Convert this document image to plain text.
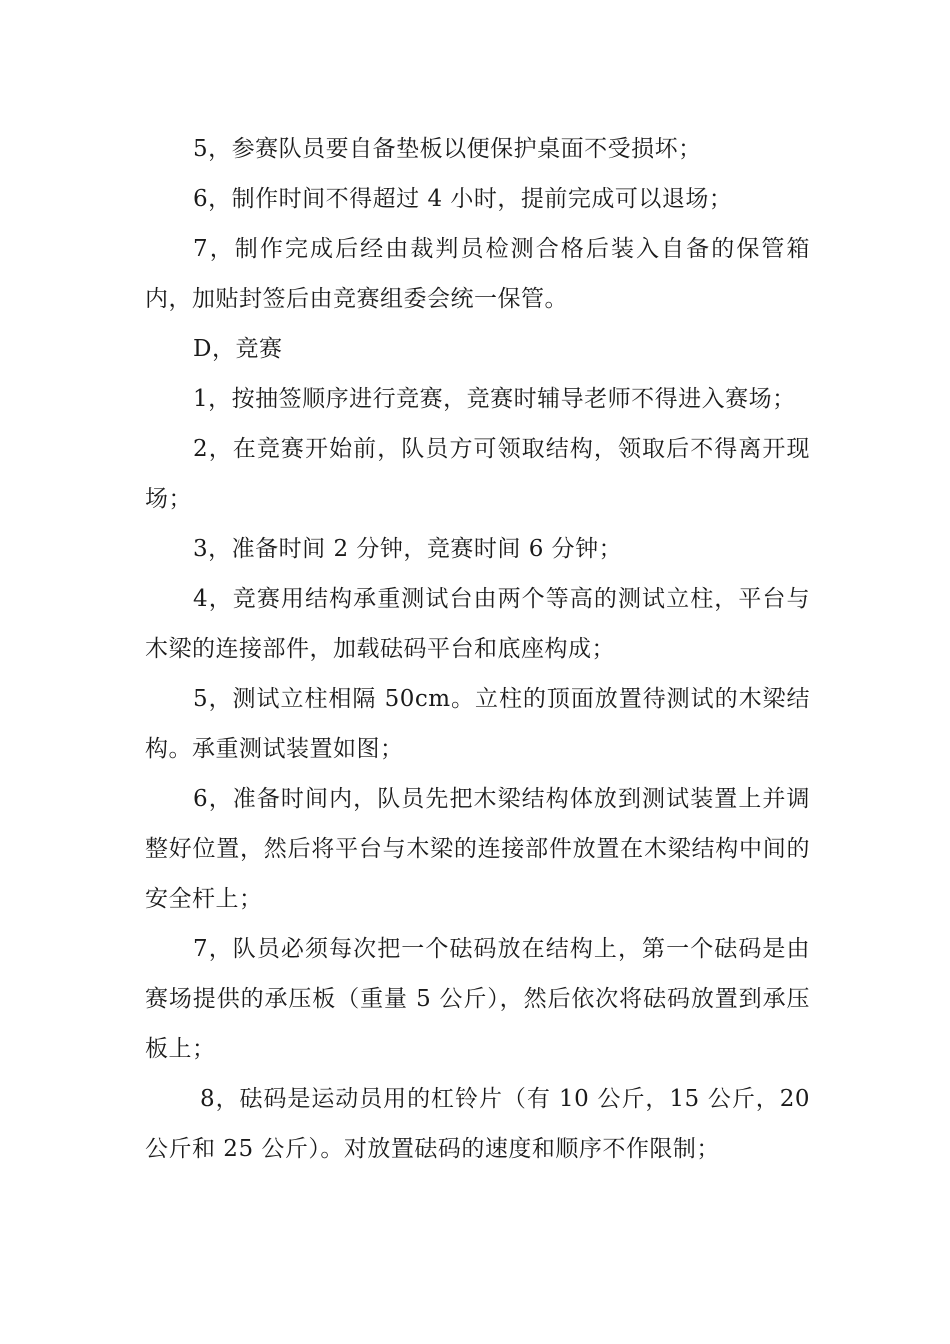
5，参赛队员要自备垫板以便保护桌面不受损坏；

6，制作时间不得超过 4 小时，提前完成可以退场；

7，制作完成后经由裁判员检测合格后装入自备的保管箱内，加贴封签后由竞赛组委会统一保管。

D，竞赛

1，按抽签顺序进行竞赛，竞赛时辅导老师不得进入赛场；

2，在竞赛开始前，队员方可领取结构，领取后不得离开现场；

3，准备时间 2 分钟，竞赛时间 6 分钟；

4，竞赛用结构承重测试台由两个等高的测试立柱，平台与木梁的连接部件，加载砝码平台和底座构成；

5，测试立柱相隔 50cm。立柱的顶面放置待测试的木梁结构。承重测试装置如图；

6，准备时间内，队员先把木梁结构体放到测试装置上并调整好位置，然后将平台与木梁的连接部件放置在木梁结构中间的安全杆上；

7，队员必须每次把一个砝码放在结构上，第一个砝码是由赛场提供的承压板（重量 5 公斤），然后依次将砝码放置到承压板上；

8，砝码是运动员用的杠铃片（有 10 公斤，15 公斤，20 公斤和 25 公斤）。对放置砝码的速度和顺序不作限制；
